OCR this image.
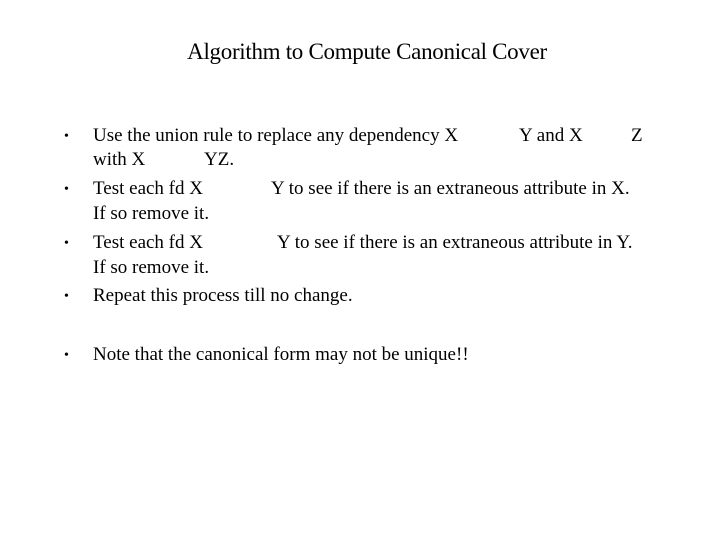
Algorithm to Compute Canonical Cover
•	Use the union rule to replace any dependency X	Y and X	Z
with X	YZ.
•	Test each fd X	Y to see if there is an extraneous attribute in X.
If so remove it.
•	Test each fd X	Y to see if there is an extraneous attribute in Y.
If so remove it.
•	Repeat this process till no change.
•	Note that the canonical form may not be unique!!
